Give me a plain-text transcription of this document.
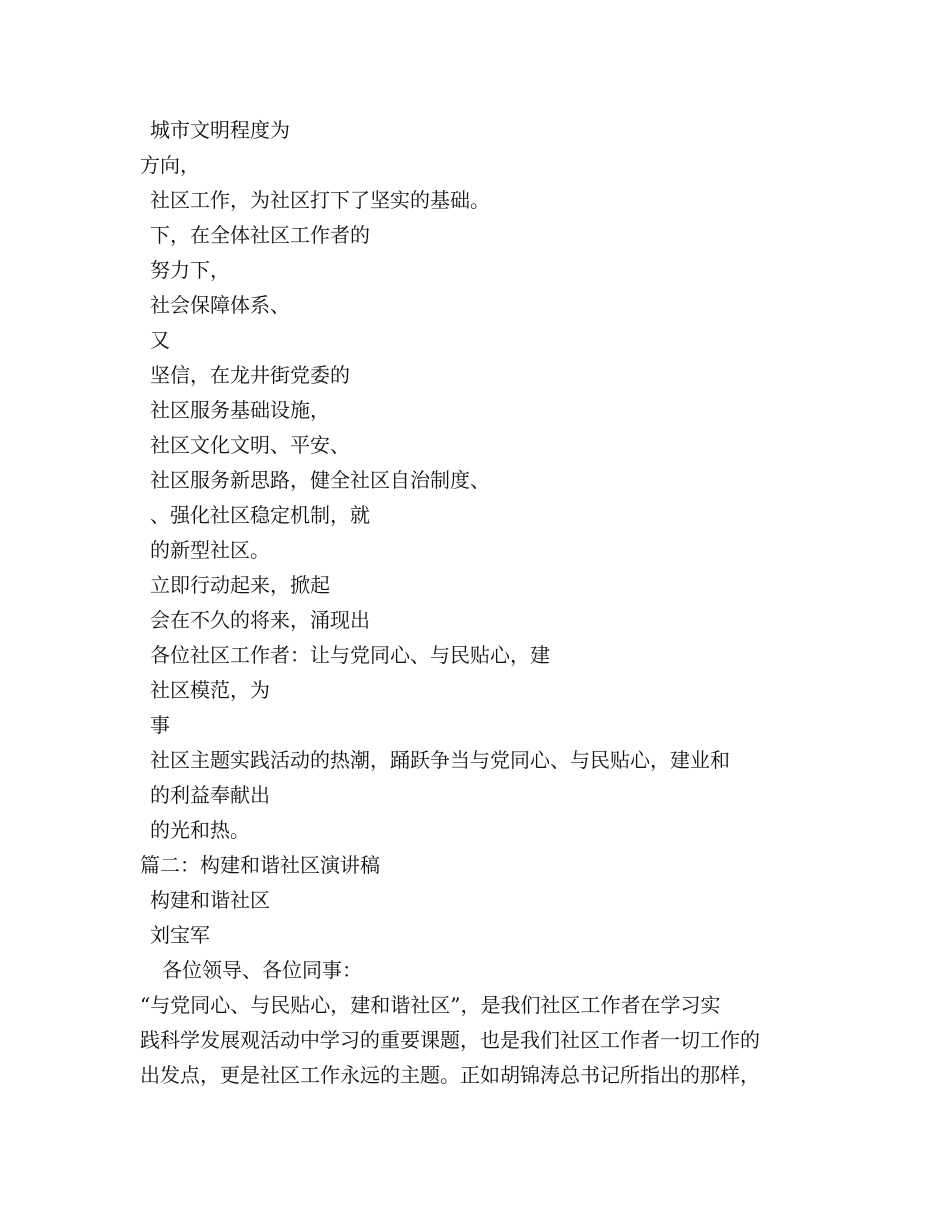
城市文明程度为
方向，
社区工作，为社区打下了坚实的基础。
下，在全体社区工作者的
努力下，
社会保障体系、
又
坚信，在龙井街党委的
社区服务基础设施，
社区文化文明、平安、
社区服务新思路，健全社区自治制度、
、强化社区稳定机制，就
的新型社区。
立即行动起来，掀起
会在不久的将来，涌现出
各位社区工作者：让与党同心、与民贴心，建
社区模范，为
事
社区主题实践活动的热潮，踊跃争当与党同心、与民贴心，建业和
的利益奉献出
的光和热。
篇二：构建和谐社区演讲稿
构建和谐社区
刘宝军
各位领导、各位同事：
“与党同心、与民贴心，建和谐社区”，是我们社区工作者在学习实
践科学发展观活动中学习的重要课题，也是我们社区工作者一切工作的
出发点，更是社区工作永远的主题。正如胡锦涛总书记所指出的那样，
